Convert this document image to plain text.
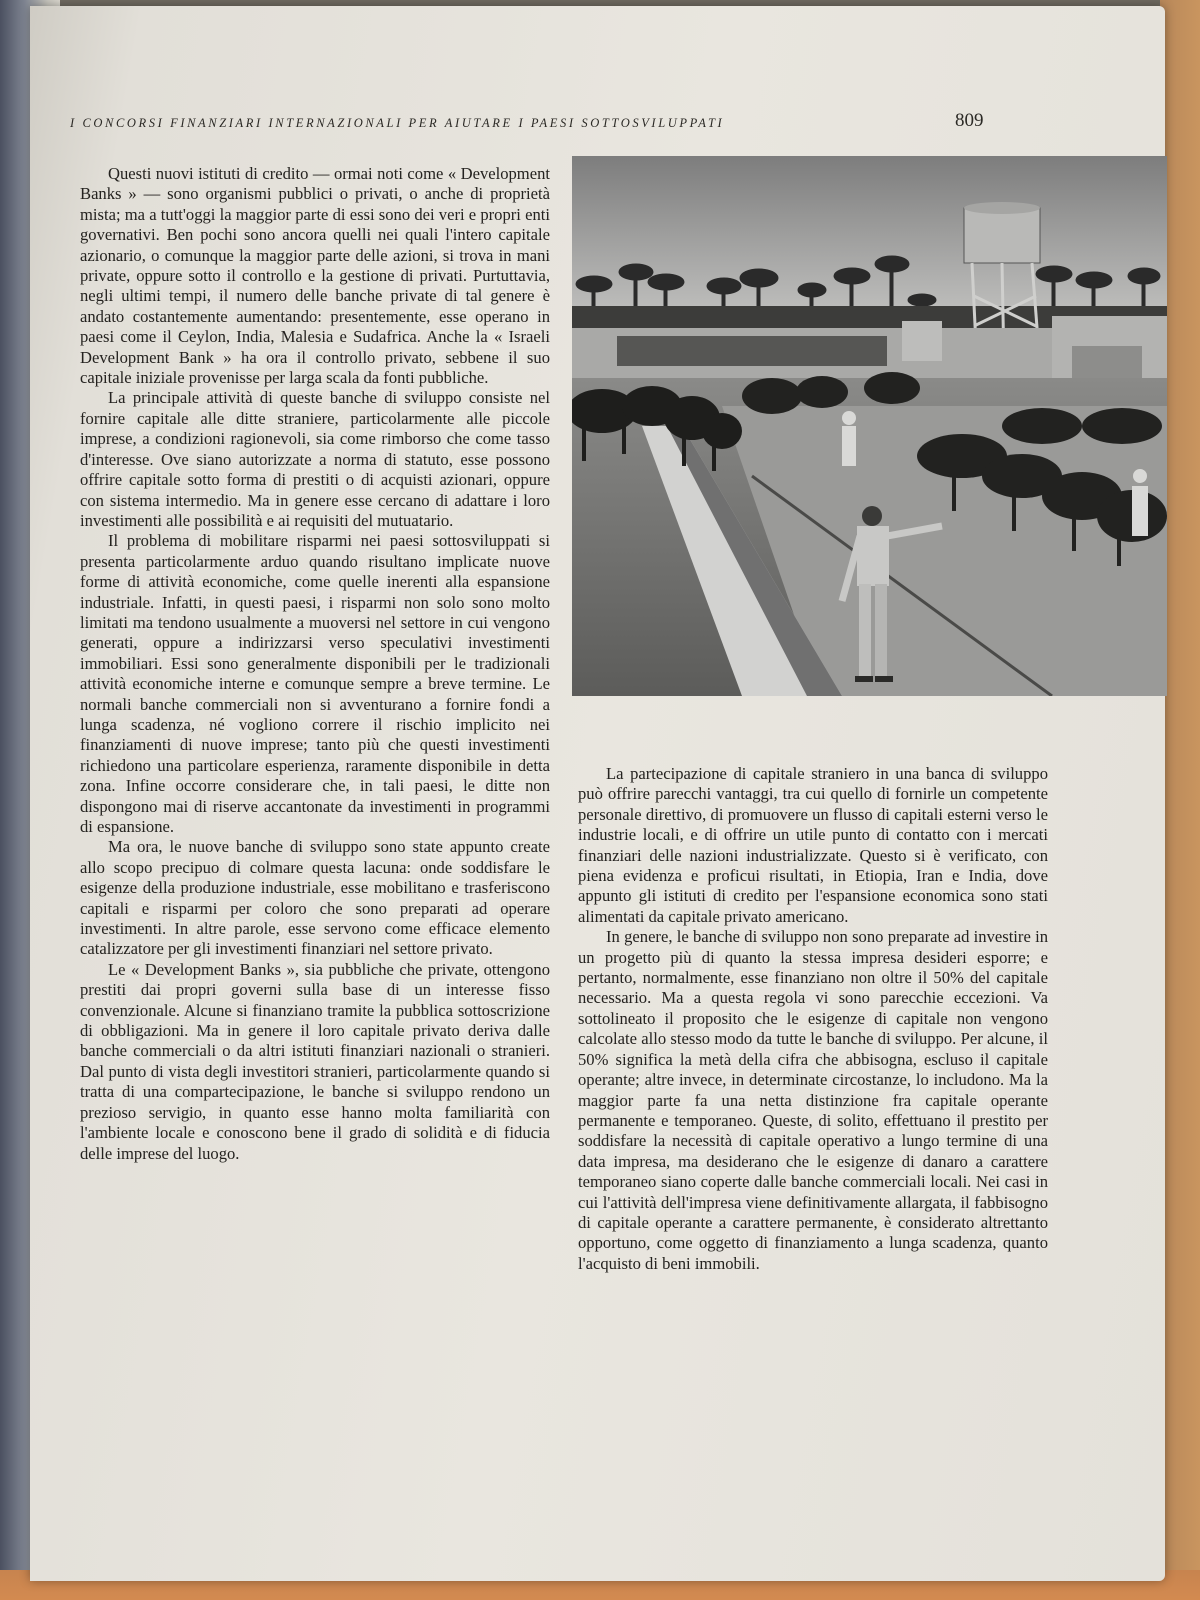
I CONCORSI FINANZIARI INTERNAZIONALI PER AIUTARE I PAESI SOTTOSVILUPPATI	809

Questi nuovi istituti di credito — ormai noti come « Development Banks » — sono organismi pubblici o privati, o anche di proprietà mista; ma a tutt'oggi la maggior parte di essi sono dei veri e propri enti governativi. Ben pochi sono ancora quelli nei quali l'intero capitale azionario, o comunque la maggior parte delle azioni, si trova in mani private, oppure sotto il controllo e la gestione di privati. Purtuttavia, negli ultimi tempi, il numero delle banche private di tal genere è andato costantemente aumentando: presentemente, esse operano in paesi come il Ceylon, India, Malesia e Sudafrica. Anche la « Israeli Development Bank » ha ora il controllo privato, sebbene il suo capitale iniziale provenisse per larga scala da fonti pubbliche.

La principale attività di queste banche di sviluppo consiste nel fornire capitale alle ditte straniere, particolarmente alle piccole imprese, a condizioni ragionevoli, sia come rimborso che come tasso d'interesse. Ove siano autorizzate a norma di statuto, esse possono offrire capitale sotto forma di prestiti o di acquisti azionari, oppure con sistema intermedio. Ma in genere esse cercano di adattare i loro investimenti alle possibilità e ai requisiti del mutuatario.

Il problema di mobilitare risparmi nei paesi sottosviluppati si presenta particolarmente arduo quando risultano implicate nuove forme di attività economiche, come quelle inerenti alla espansione industriale. Infatti, in questi paesi, i risparmi non solo sono molto limitati ma tendono usualmente a muoversi nel settore in cui vengono generati, oppure a indirizzarsi verso speculativi investimenti immobiliari. Essi sono generalmente disponibili per le tradizionali attività economiche interne e comunque sempre a breve termine. Le normali banche commerciali non si avventurano a fornire fondi a lunga scadenza, né vogliono correre il rischio implicito nei finanziamenti di nuove imprese; tanto più che questi investimenti richiedono una particolare esperienza, raramente disponibile in detta zona. Infine occorre considerare che, in tali paesi, le ditte non dispongono mai di riserve accantonate da investimenti in programmi di espansione.

Ma ora, le nuove banche di sviluppo sono state appunto create allo scopo precipuo di colmare questa lacuna: onde soddisfare le esigenze della produzione industriale, esse mobilitano e trasferiscono capitali e risparmi per coloro che sono preparati ad operare investimenti. In altre parole, esse servono come efficace elemento catalizzatore per gli investimenti finanziari nel settore privato.

Le « Development Banks », sia pubbliche che private, ottengono prestiti dai propri governi sulla base di un interesse fisso convenzionale. Alcune si finanziano tramite la pubblica sottoscrizione di obbligazioni. Ma in genere il loro capitale privato deriva dalle banche commerciali o da altri istituti finanziari nazionali o stranieri. Dal punto di vista degli investitori stranieri, particolarmente quando si tratta di una compartecipazione, le banche si sviluppo rendono un prezioso servigio, in quanto esse hanno molta familiarità con l'ambiente locale e conoscono bene il grado di solidità e di fiducia delle imprese del luogo.

La partecipazione di capitale straniero in una banca di sviluppo può offrire parecchi vantaggi, tra cui quello di fornirle un competente personale direttivo, di promuovere un flusso di capitali esterni verso le industrie locali, e di offrire un utile punto di contatto con i mercati finanziari delle nazioni industrializzate. Questo si è verificato, con piena evidenza e proficui risultati, in Etiopia, Iran e India, dove appunto gli istituti di credito per l'espansione economica sono stati alimentati da capitale privato americano.

In genere, le banche di sviluppo non sono preparate ad investire in un progetto più di quanto la stessa impresa desideri esporre; e pertanto, normalmente, esse finanziano non oltre il 50% del capitale necessario. Ma a questa regola vi sono parecchie eccezioni. Va sottolineato il proposito che le esigenze di capitale non vengono calcolate allo stesso modo da tutte le banche di sviluppo. Per alcune, il 50% significa la metà della cifra che abbisogna, escluso il capitale operante; altre invece, in determinate circostanze, lo includono. Ma la maggior parte fa una netta distinzione fra capitale operante permanente e temporaneo. Queste, di solito, effettuano il prestito per soddisfare la necessità di capitale operativo a lungo termine di una data impresa, ma desiderano che le esigenze di danaro a carattere temporaneo siano coperte dalle banche commerciali locali. Nei casi in cui l'attività dell'impresa viene definitivamente allargata, il fabbisogno di capitale operante a carattere permanente, è considerato altrettanto opportuno, come oggetto di finanziamento a lunga scadenza, quanto l'acquisto di beni immobili.
